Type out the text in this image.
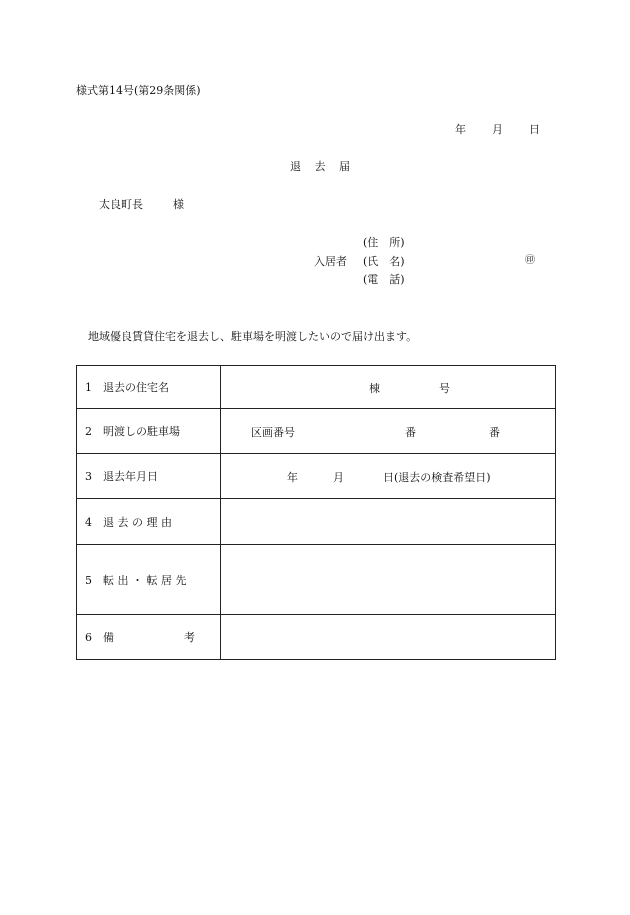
様式第14号(第29条関係)
年 月 日
退 去 届
太良町長	様
入居者
(住　所)
(氏　名)
(電　話)
㊞
地域優良賃貸住宅を退去し、駐車場を明渡したいので届け出ます。
1 退去の住宅名	棟 号

2 明渡しの駐車場	区画番号 番 番

3 退去年月日	年 月 日(退去の検査希望日)

4 退 去 の 理 由	
5 転 出 ・ 転 居 先	
6 備 考	
